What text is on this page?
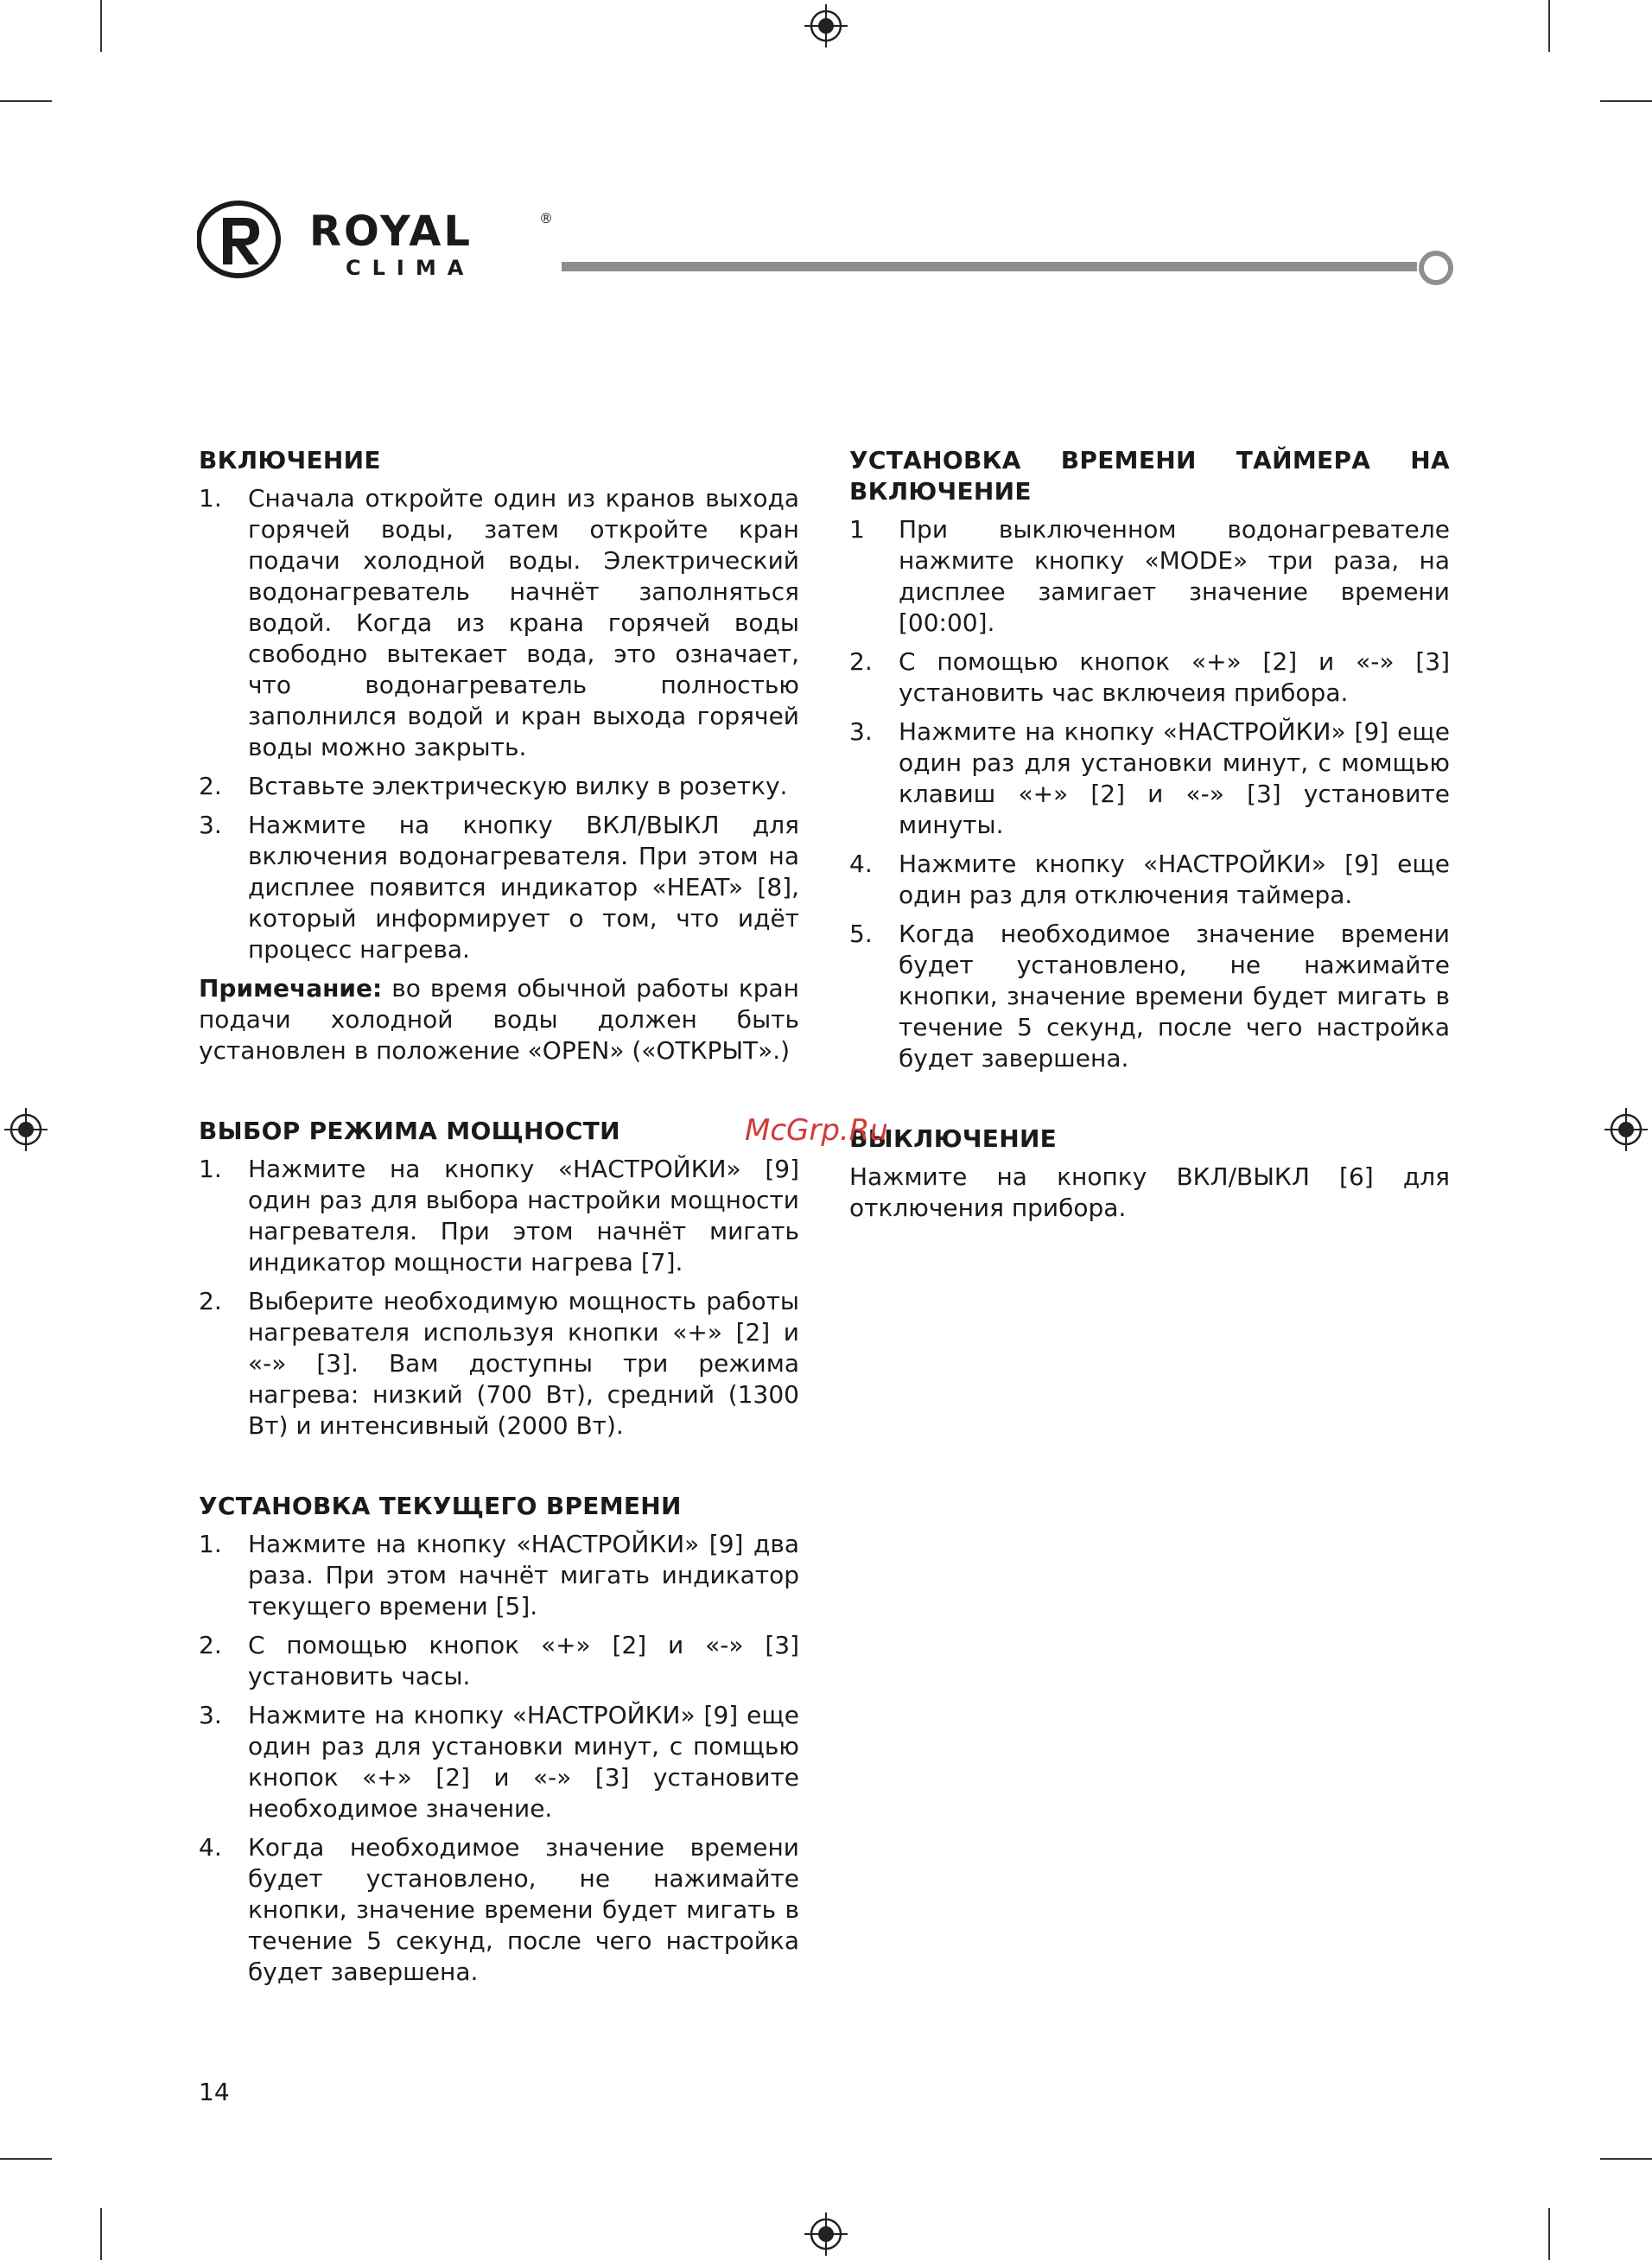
ROYAL	®
CLIMA
ВКЛЮЧЕНИЕ
1.	Сначала откройте один из кранов выхода горячей воды, затем откройте кран подачи холодной воды. Электрический водонагреватель начнёт заполняться водой. Когда из крана горячей воды свободно вытекает вода, это означает, что водонагреватель полностью заполнился водой и кран выхода горячей воды можно закрыть.
2.	Вставьте электрическую вилку в розетку.
3.	Нажмите на кнопку ВКЛ/ВЫКЛ для включения водонагревателя. При этом на дисплее появится индикатор «HEAT» [8], который информирует о том, что идёт процесс нагрева.

Примечание: во время обычной работы кран подачи холодной воды должен быть установлен в положение «OPEN» («ОТКРЫТ».)

ВЫБОР РЕЖИМА МОЩНОСТИ
1.	Нажмите на кнопку «НАСТРОЙКИ» [9] один раз для выбора настройки мощности нагревателя. При этом начнёт мигать индикатор мощности нагрева [7].
2.	Выберите необходимую мощность работы нагревателя используя кнопки «+» [2] и «-» [3]. Вам доступны три режима нагрева: низкий (700 Вт), средний (1300 Вт) и интенсивный (2000 Вт).
УСТАНОВКА ТЕКУЩЕГО ВРЕМЕНИ
1.	Нажмите на кнопку «НАСТРОЙКИ» [9] два раза. При этом начнёт мигать индикатор текущего времени [5].
2.	С помощью кнопок «+» [2] и «-» [3] установить часы.
3.	Нажмите на кнопку «НАСТРОЙКИ» [9] еще один раз для установки минут, с помщью кнопок «+» [2] и «-» [3] установите необходимое значение.
4.	Когда необходимое значение времени будет установлено, не нажимайте кнопки, значение времени будет мигать в течение 5 секунд, после чего настройка будет завершена.
УСТАНОВКА ВРЕМЕНИ ТАЙМЕРА НА ВКЛЮЧЕНИЕ
1	При выключенном водонагревателе нажмите кнопку «MODE» три раза, на дисплее замигает значение времени [00:00].
2.	С помощью кнопок «+» [2] и «-» [3] установить час включеия прибора.
3.	Нажмите на кнопку «НАСТРОЙКИ» [9] еще один раз для установки минут, с момщью клавиш «+» [2] и «-» [3] установите минуты.
4.	Нажмите кнопку «НАСТРОЙКИ» [9] еще один раз для отключения таймера.
5.	Когда необходимое значение времени будет установлено, не нажимайте кнопки, значение времени будет мигать в течение 5 секунд, после чего настройка будет завершена.
ВЫКЛЮЧЕНИЕ

Нажмите на кнопку ВКЛ/ВЫКЛ [6] для отключения прибора.

McGrp.Ru
14
